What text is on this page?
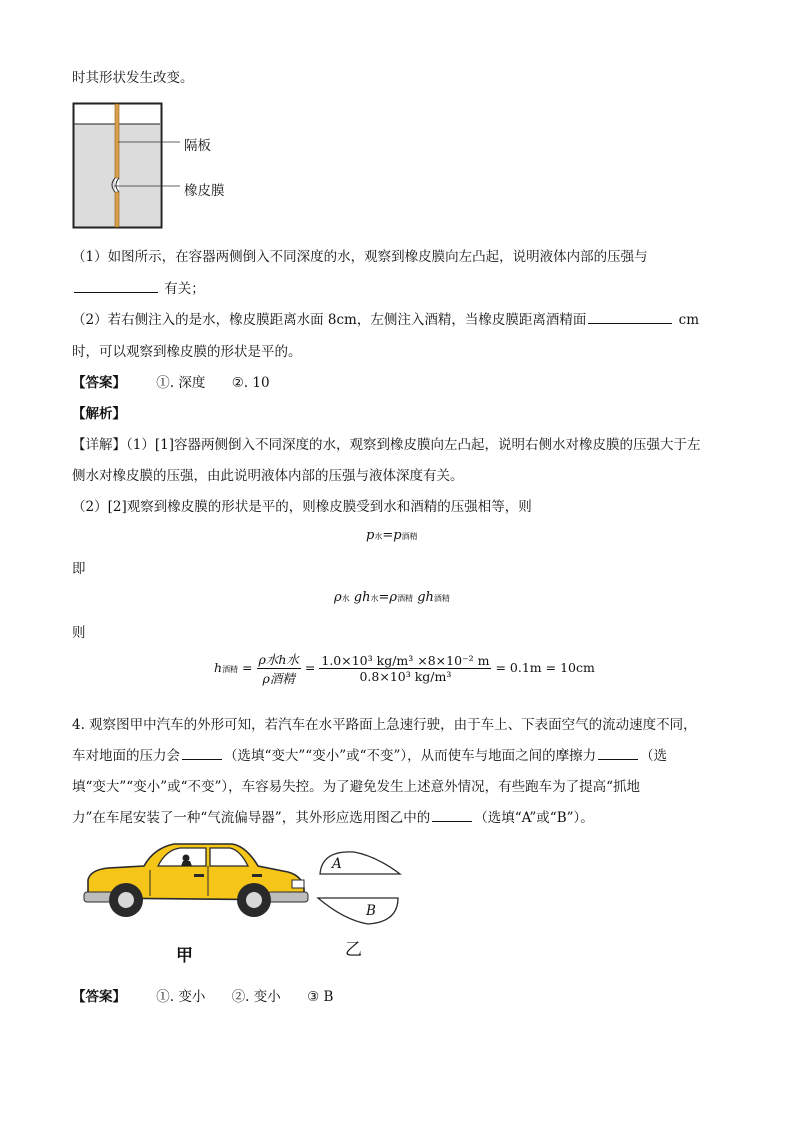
时其形状发生改变。
隔板
橡皮膜
（1）如图所示，在容器两侧倒入不同深度的水，观察到橡皮膜向左凸起，说明液体内部的压强与
有关；
（2）若右侧注入的是水，橡皮膜距离水面 8cm，左侧注入酒精，当橡皮膜距离酒精面	cm
时，可以观察到橡皮膜的形状是平的。
【答案】 ①. 深度 ②. 10
【解析】
【详解】（1）[1]容器两侧倒入不同深度的水，观察到橡皮膜向左凸起，说明右侧水对橡皮膜的压强大于左
侧水对橡皮膜的压强，由此说明液体内部的压强与液体深度有关。
（2）[2]观察到橡皮膜的形状是平的，则橡皮膜受到水和酒精的压强相等，则
p水=p酒精
即
ρ水 gh水=ρ酒精 gh酒精
则
h酒精 = $\frac{\text{ρ水h水}}{\text{ρ酒精}} = \frac{\text{1.0×10³ kg/m³ ×8×10⁻² m}}{\text{0.8×10³ kg/m³}} = 0.1m = 10cm$
4. 观察图甲中汽车的外形可知，若汽车在水平路面上急速行驶，由于车上、下表面空气的流动速度不同，
车对地面的压力会	（选填“变大”“变小”或“不变”），从而使车与地面之间的摩擦力	（选
填“变大”“变小”或“不变”），车容易失控。为了避免发生上述意外情况，有些跑车为了提高“抓地
力”在车尾安装了一种“气流偏导器”，其外形应选用图乙中的	（选填“A”或“B”）。
甲
A
B
乙
【答案】 ①. 变小 ②. 变小 ③ B
